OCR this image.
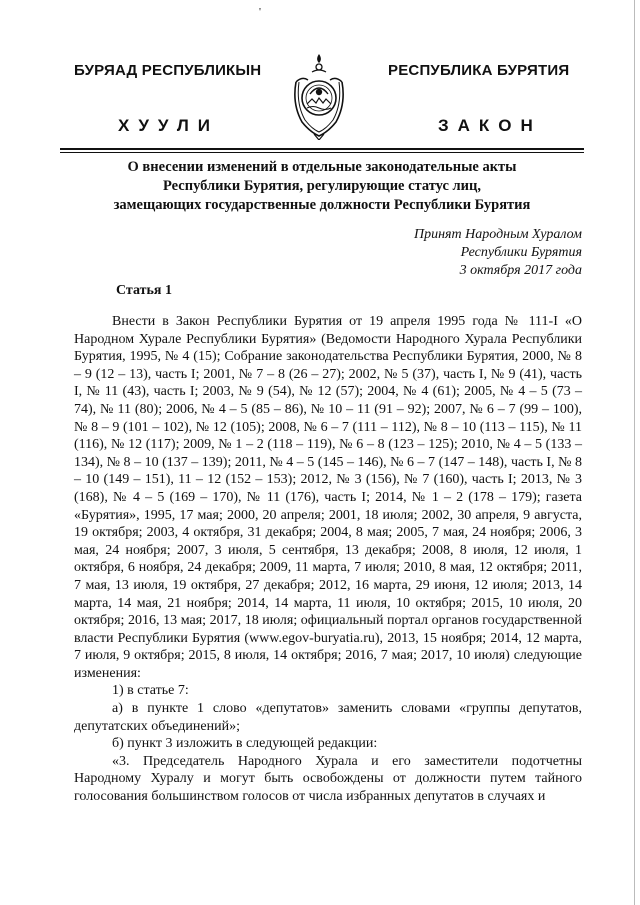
'
БУРЯАД РЕСПУБЛИКЫН	РЕСПУБЛИКА БУРЯТИЯ
ХУУЛИ	ЗАКОН
О внесении изменений в отдельные законодательные акты
Республики Бурятия, регулирующие статус лиц,
замещающих государственные должности Республики Бурятия
Принят Народным Хуралом
Республики Бурятия
3 октября 2017 года
Статья 1

Внести в Закон Республики Бурятия от 19 апреля 1995 года № 111-I «О Народном Хурале Республики Бурятия» (Ведомости Народного Хурала Республики Бурятия, 1995, № 4 (15); Собрание законодательства Республики Бурятия, 2000, № 8 – 9 (12 – 13), часть I; 2001, № 7 – 8 (26 – 27); 2002, № 5 (37), часть I, № 9 (41), часть I, № 11 (43), часть I; 2003, № 9 (54), № 12 (57); 2004, № 4 (61); 2005, № 4 – 5 (73 – 74), № 11 (80); 2006, № 4 – 5 (85 – 86), № 10 – 11 (91 – 92); 2007, № 6 – 7 (99 – 100), № 8 – 9 (101 – 102), № 12 (105); 2008, № 6 – 7 (111 – 112), № 8 – 10 (113 – 115), № 11 (116), № 12 (117); 2009, № 1 – 2 (118 – 119), № 6 – 8 (123 – 125); 2010, № 4 – 5 (133 – 134), № 8 – 10 (137 – 139); 2011, № 4 – 5 (145 – 146), № 6 – 7 (147 – 148), часть I, № 8 – 10 (149 – 151), 11 – 12 (152 – 153); 2012, № 3 (156), № 7 (160), часть I; 2013, № 3 (168), № 4 – 5 (169 – 170), № 11 (176), часть I; 2014, № 1 – 2 (178 – 179); газета «Бурятия», 1995, 17 мая; 2000, 20 апреля; 2001, 18 июля; 2002, 30 апреля, 9 августа, 19 октября; 2003, 4 октября, 31 декабря; 2004, 8 мая; 2005, 7 мая, 24 ноября; 2006, 3 мая, 24 ноября; 2007, 3 июля, 5 сентября, 13 декабря; 2008, 8 июля, 12 июля, 1 октября, 6 ноября, 24 декабря; 2009, 11 марта, 7 июля; 2010, 8 мая, 12 октября; 2011, 7 мая, 13 июля, 19 октября, 27 декабря; 2012, 16 марта, 29 июня, 12 июля; 2013, 14 марта, 14 мая, 21 ноября; 2014, 14 марта, 11 июля, 10 октября; 2015, 10 июля, 20 октября; 2016, 13 мая; 2017, 18 июля; официальный портал органов государственной власти Республики Бурятия (www.egov-buryatia.ru), 2013, 15 ноября; 2014, 12 марта, 7 июля, 9 октября; 2015, 8 июля, 14 октября; 2016, 7 мая; 2017, 10 июля) следующие изменения:

1) в статье 7:

а) в пункте 1 слово «депутатов» заменить словами «группы депутатов, депутатских объединений»;

б) пункт 3 изложить в следующей редакции:

«3. Председатель Народного Хурала и его заместители подотчетны Народному Хуралу и могут быть освобождены от должности путем тайного голосования большинством голосов от числа избранных депутатов в случаях и
